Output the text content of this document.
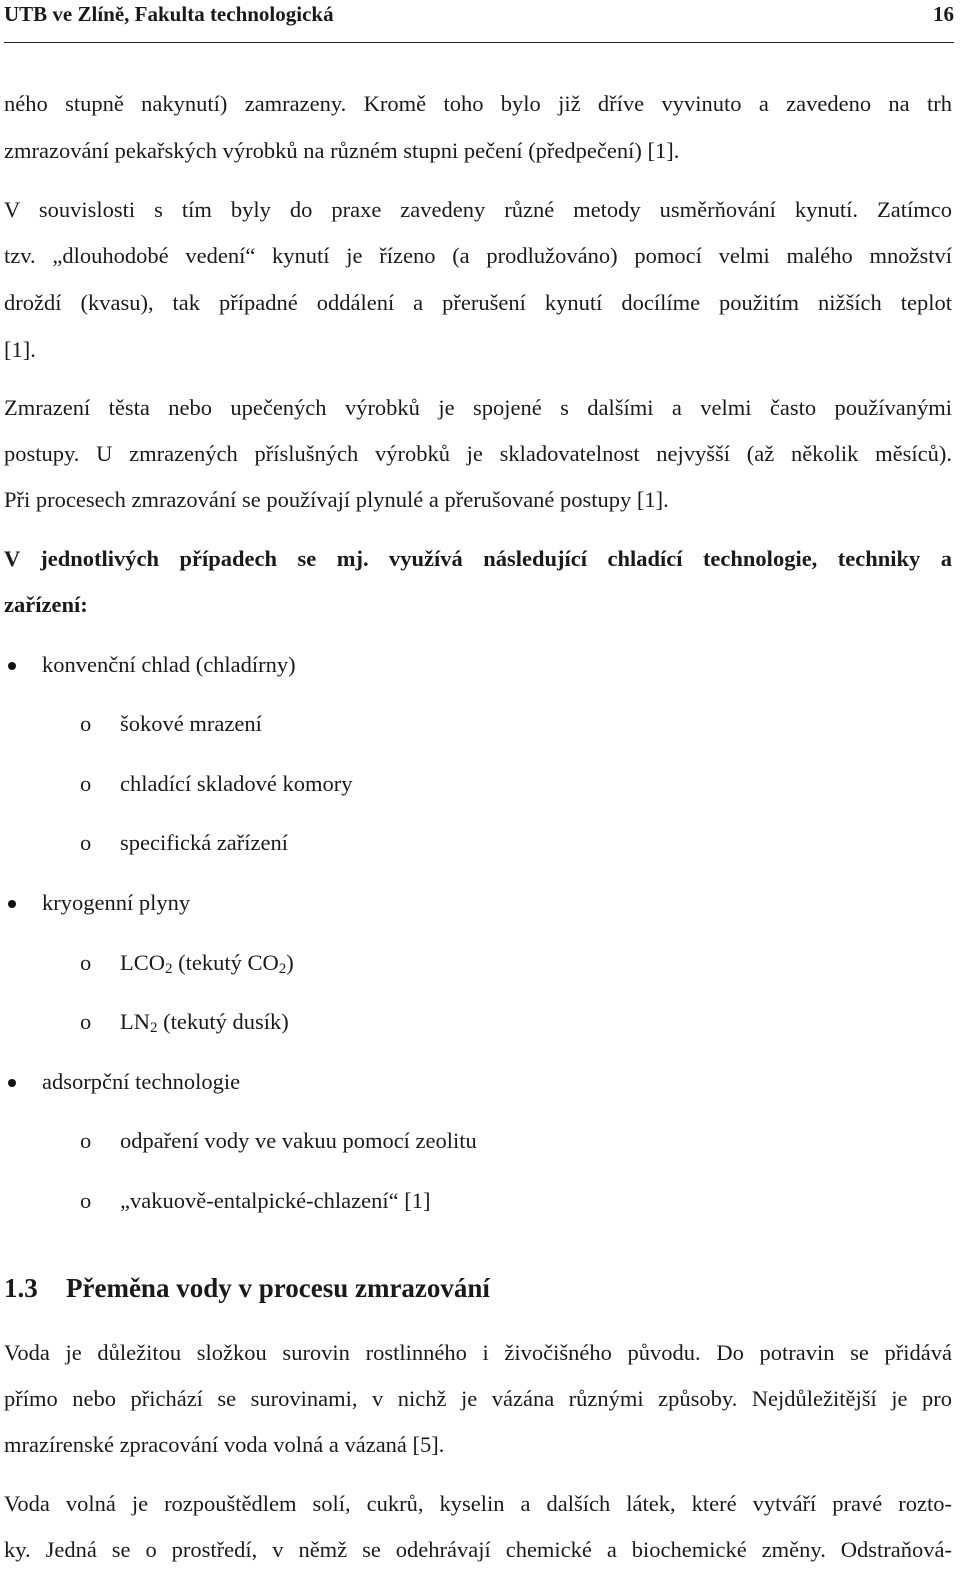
UTB ve Zlíně, Fakulta technologická	16
ného stupně nakynutí) zamrazeny. Kromě toho bylo již dříve vyvinuto a zavedeno na trh
zmrazování pekařských výrobků na různém stupni pečení (předpečení) [1].
V souvislosti s tím byly do praxe zavedeny různé metody usměrňování kynutí. Zatímco
tzv. „dlouhodobé vedení“ kynutí je řízeno (a prodlužováno) pomocí velmi malého množství
droždí (kvasu), tak případné oddálení a přerušení kynutí docílíme použitím nižších teplot
[1].
Zmrazení těsta nebo upečených výrobků je spojené s dalšími a velmi často používanými
postupy. U zmrazených příslušných výrobků je skladovatelnost nejvyšší (až několik měsíců).
Při procesech zmrazování se používají plynulé a přerušované postupy [1].
V jednotlivých případech se mj. využívá následující chladící technologie, techniky a
zařízení:
konvenční chlad (chladírny)
o šokové mrazení
o chladící skladové komory
o specifická zařízení
kryogenní plyny
o $LCO_2$ (tekutý $CO_2$)
o $LN_2$ (tekutý dusík)
adsorpční technologie
o odpaření vody ve vakuu pomocí zeolitu
o „vakuově-entalpické-chlazení“ [1]
1.3 Přeměna vody v procesu zmrazování
Voda je důležitou složkou surovin rostlinného i živočišného původu. Do potravin se přidává
přímo nebo přichází se surovinami, v nichž je vázána různými způsoby. Nejdůležitější je pro
mrazírenské zpracování voda volná a vázaná [5].
Voda volná je rozpouštědlem solí, cukrů, kyselin a dalších látek, které vytváří pravé rozto-
ky. Jedná se o prostředí, v němž se odehrávají chemické a biochemické změny. Odstraňová-
